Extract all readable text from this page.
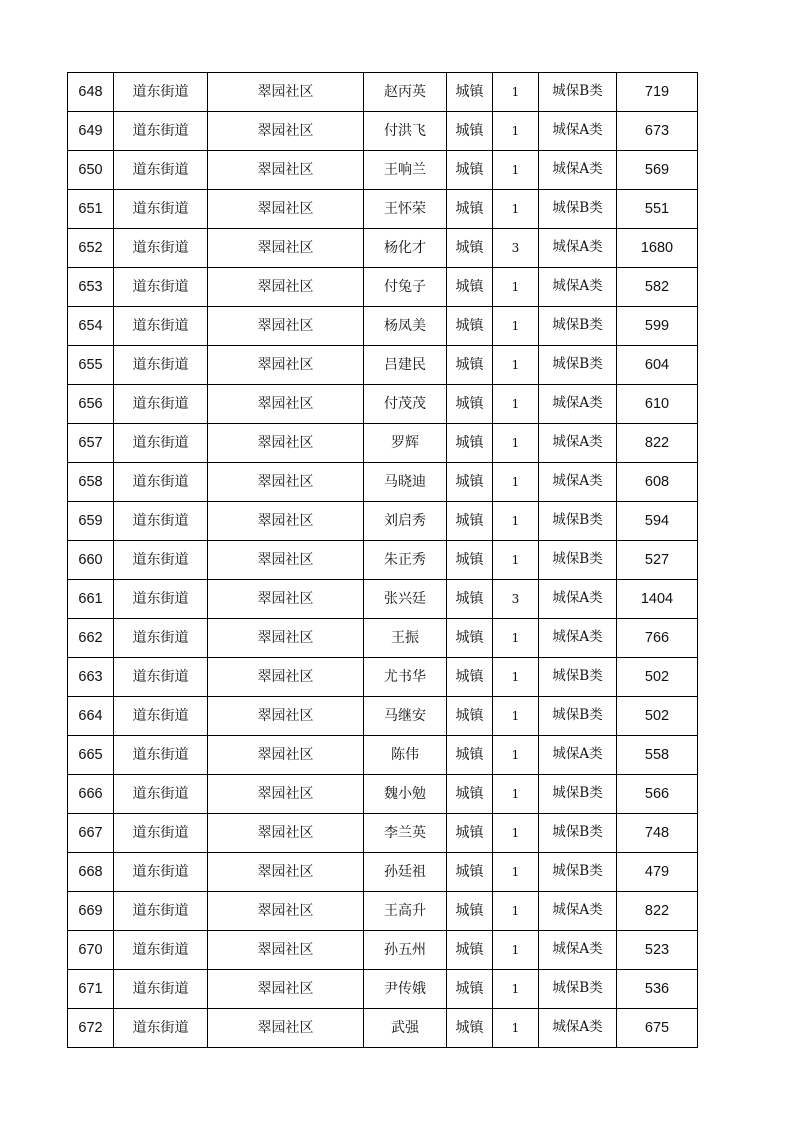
648	道东街道	翠园社区	赵丙英	城镇	1	城保B类	719
649	道东街道	翠园社区	付洪飞	城镇	1	城保A类	673
650	道东街道	翠园社区	王响兰	城镇	1	城保A类	569
651	道东街道	翠园社区	王怀荣	城镇	1	城保B类	551
652	道东街道	翠园社区	杨化才	城镇	3	城保A类	1680
653	道东街道	翠园社区	付兔子	城镇	1	城保A类	582
654	道东街道	翠园社区	杨凤美	城镇	1	城保B类	599
655	道东街道	翠园社区	吕建民	城镇	1	城保B类	604
656	道东街道	翠园社区	付茂茂	城镇	1	城保A类	610
657	道东街道	翠园社区	罗辉	城镇	1	城保A类	822
658	道东街道	翠园社区	马晓迪	城镇	1	城保A类	608
659	道东街道	翠园社区	刘启秀	城镇	1	城保B类	594
660	道东街道	翠园社区	朱正秀	城镇	1	城保B类	527
661	道东街道	翠园社区	张兴廷	城镇	3	城保A类	1404
662	道东街道	翠园社区	王振	城镇	1	城保A类	766
663	道东街道	翠园社区	尤书华	城镇	1	城保B类	502
664	道东街道	翠园社区	马继安	城镇	1	城保B类	502
665	道东街道	翠园社区	陈伟	城镇	1	城保A类	558
666	道东街道	翠园社区	魏小勉	城镇	1	城保B类	566
667	道东街道	翠园社区	李兰英	城镇	1	城保B类	748
668	道东街道	翠园社区	孙廷祖	城镇	1	城保B类	479
669	道东街道	翠园社区	王高升	城镇	1	城保A类	822
670	道东街道	翠园社区	孙五州	城镇	1	城保A类	523
671	道东街道	翠园社区	尹传娥	城镇	1	城保B类	536
672	道东街道	翠园社区	武强	城镇	1	城保A类	675
